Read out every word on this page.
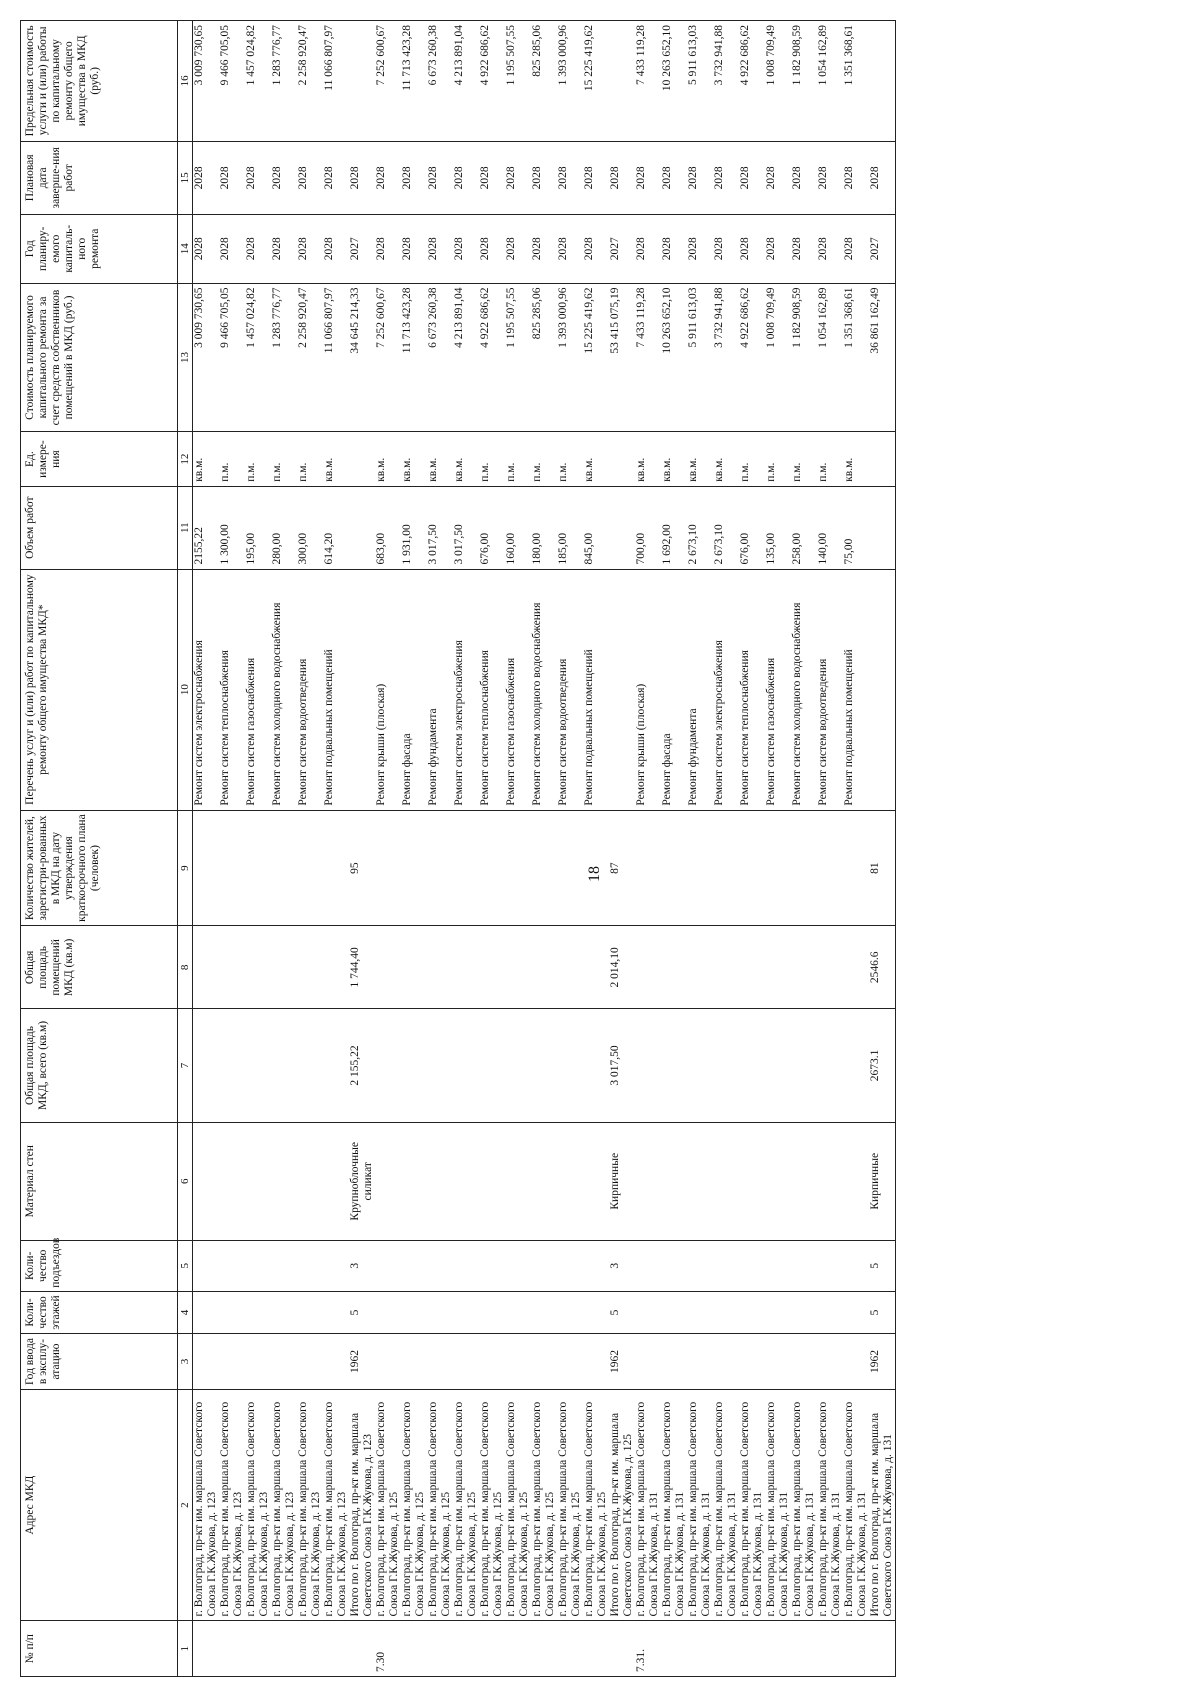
18
№ п/п	Адрес МКД	Год ввода в эксплу-атацию	Коли-чество этажей	Коли-чество подъездов	Материал стен	Общая площадь МКД, всего (кв.м)	Общая площадь помещений МКД (кв.м)	Количество жителей, зарегистри-рованных в МКД на дату утверждения краткосрочного плана (человек)	Перечень услуг и (или) работ по капитальному ремонту общего имущества МКД*	Объем работ	Ед. измере-ния	Стоимость планируемого капитального ремонта за счет средств собственников помещений в МКД (руб.)	Год планиру-емого капиталь-ного ремонта	Плановая дата заверше-ния работ	Предельная стоимость услуги и (или) работы по капитальному ремонту общего имущества в МКД (руб.)
1	2	3	4	5	6	7	8	9	10	11	12	13	14	15	16
	г. Волгоград, пр-кт им. маршала Советского Союза Г.К.Жукова, д. 123								Ремонт систем электроснабжения	2155,22	кв.м.	3 009 730,65	2028	2028	3 009 730,65
	г. Волгоград, пр-кт им. маршала Советского Союза Г.К.Жукова, д. 123								Ремонт систем теплоснабжения	1 300,00	п.м.	9 466 705,05	2028	2028	9 466 705,05
	г. Волгоград, пр-кт им. маршала Советского Союза Г.К.Жукова, д. 123								Ремонт систем газоснабжения	195,00	п.м.	1 457 024,82	2028	2028	1 457 024,82
	г. Волгоград, пр-кт им. маршала Советского Союза Г.К.Жукова, д. 123								Ремонт систем холодного водоснабжения	280,00	п.м.	1 283 776,77	2028	2028	1 283 776,77
	г. Волгоград, пр-кт им. маршала Советского Союза Г.К.Жукова, д. 123								Ремонт систем водоотведения	300,00	п.м.	2 258 920,47	2028	2028	2 258 920,47
	г. Волгоград, пр-кт им. маршала Советского Союза Г.К.Жукова, д. 123								Ремонт подвальных помещений	614,20	кв.м.	11 066 807,97	2028	2028	11 066 807,97
	Итого по г. Волгоград, пр-кт им. маршала Советского Союза Г.К.Жукова, д. 123	1962	5	3	Крупноблочные силикат	2 155,22	1 744,40	95				34 645 214,33	2027	2028	
7.30	г. Волгоград, пр-кт им. маршала Советского Союза Г.К.Жукова, д. 125								Ремонт крыши (плоская)	683,00	кв.м.	7 252 600,67	2028	2028	7 252 600,67
	г. Волгоград, пр-кт им. маршала Советского Союза Г.К.Жукова, д. 125								Ремонт фасада	1 931,00	кв.м.	11 713 423,28	2028	2028	11 713 423,28
	г. Волгоград, пр-кт им. маршала Советского Союза Г.К.Жукова, д. 125								Ремонт фундамента	3 017,50	кв.м.	6 673 260,38	2028	2028	6 673 260,38
	г. Волгоград, пр-кт им. маршала Советского Союза Г.К.Жукова, д. 125								Ремонт систем электроснабжения	3 017,50	кв.м.	4 213 891,04	2028	2028	4 213 891,04
	г. Волгоград, пр-кт им. маршала Советского Союза Г.К.Жукова, д. 125								Ремонт систем теплоснабжения	676,00	п.м.	4 922 686,62	2028	2028	4 922 686,62
	г. Волгоград, пр-кт им. маршала Советского Союза Г.К.Жукова, д. 125								Ремонт систем газоснабжения	160,00	п.м.	1 195 507,55	2028	2028	1 195 507,55
	г. Волгоград, пр-кт им. маршала Советского Союза Г.К.Жукова, д. 125								Ремонт систем холодного водоснабжения	180,00	п.м.	825 285,06	2028	2028	825 285,06
	г. Волгоград, пр-кт им. маршала Советского Союза Г.К.Жукова, д. 125								Ремонт систем водоотведения	185,00	п.м.	1 393 000,96	2028	2028	1 393 000,96
	г. Волгоград, пр-кт им. маршала Советского Союза Г.К.Жукова, д. 125								Ремонт подвальных помещений	845,00	кв.м.	15 225 419,62	2028	2028	15 225 419,62
	Итого по г. Волгоград, пр-кт им. маршала Советского Союза Г.К.Жукова, д. 125	1962	5	3	Кирпичные	3 017,50	2 014,10	87				53 415 075,19	2027	2028	
7.31.	г. Волгоград, пр-кт им. маршала Советского Союза Г.К.Жукова, д. 131								Ремонт крыши (плоская)	700,00	кв.м.	7 433 119,28	2028	2028	7 433 119,28
	г. Волгоград, пр-кт им. маршала Советского Союза Г.К.Жукова, д. 131								Ремонт фасада	1 692,00	кв.м.	10 263 652,10	2028	2028	10 263 652,10
	г. Волгоград, пр-кт им. маршала Советского Союза Г.К.Жукова, д. 131								Ремонт фундамента	2 673,10	кв.м.	5 911 613,03	2028	2028	5 911 613,03
	г. Волгоград, пр-кт им. маршала Советского Союза Г.К.Жукова, д. 131								Ремонт систем электроснабжения	2 673,10	кв.м.	3 732 941,88	2028	2028	3 732 941,88
	г. Волгоград, пр-кт им. маршала Советского Союза Г.К.Жукова, д. 131								Ремонт систем теплоснабжения	676,00	п.м.	4 922 686,62	2028	2028	4 922 686,62
	г. Волгоград, пр-кт им. маршала Советского Союза Г.К.Жукова, д. 131								Ремонт систем газоснабжения	135,00	п.м.	1 008 709,49	2028	2028	1 008 709,49
	г. Волгоград, пр-кт им. маршала Советского Союза Г.К.Жукова, д. 131								Ремонт систем холодного водоснабжения	258,00	п.м.	1 182 908,59	2028	2028	1 182 908,59
	г. Волгоград, пр-кт им. маршала Советского Союза Г.К.Жукова, д. 131								Ремонт систем водоотведения	140,00	п.м.	1 054 162,89	2028	2028	1 054 162,89
	г. Волгоград, пр-кт им. маршала Советского Союза Г.К.Жукова, д. 131								Ремонт подвальных помещений	75,00	кв.м.	1 351 368,61	2028	2028	1 351 368,61
	Итого по г. Волгоград, пр-кт им. маршала Советского Союза Г.К.Жукова, д. 131	1962	5	5	Кирпичные	2673.1	2546.6	81				36 861 162,49	2027	2028	
